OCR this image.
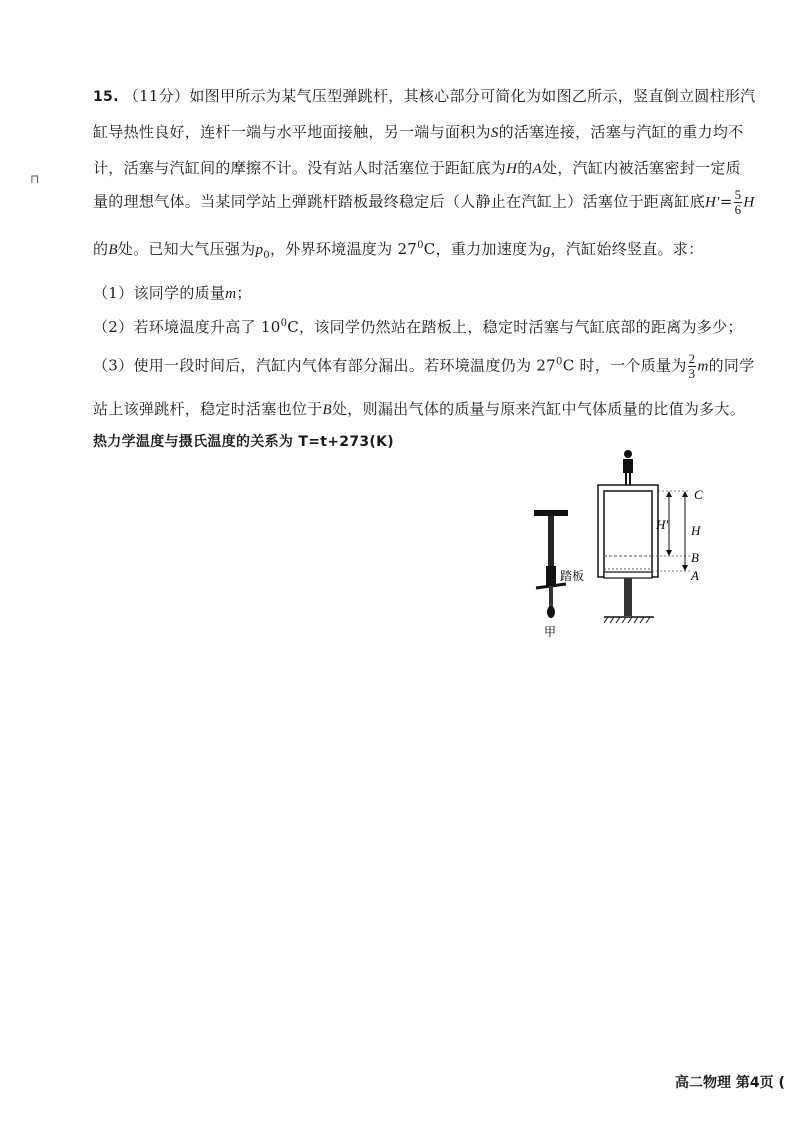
⊓
15. （11分）如图甲所示为某气压型弹跳杆，其核心部分可简化为如图乙所示，竖直倒立圆柱形汽
缸导热性良好，连杆一端与水平地面接触，另一端与面积为S的活塞连接，活塞与汽缸的重力均不
计，活塞与汽缸间的摩擦不计。没有站人时活塞位于距缸底为H的A处，汽缸内被活塞密封一定质
量的理想气体。当某同学站上弹跳杆踏板最终稳定后（人静止在汽缸上）活塞位于距离缸底$H'= \frac{5}{6}$ H
的B处。已知大气压强为$p_0$，外界环境温度为 $27^0C$，重力加速度为g，汽缸始终竖直。求：
（1）该同学的质量m；
（2）若环境温度升高了 $10^0C$，该同学仍然站在踏板上，稳定时活塞与气缸底部的距离为多少；
（3）使用一段时间后，汽缸内气体有部分漏出。若环境温度仍为 $27^0C$ 时，一个质量为 $\frac{2}{3}$ m的同学
站上该弹跳杆，稳定时活塞也位于B处，则漏出气体的质量与原来汽缸中气体质量的比值为多大。
热力学温度与摄氏温度的关系为 T=t+273(K)
踏板
甲
C
H′ H
B
A
高二物理 第4页 (
